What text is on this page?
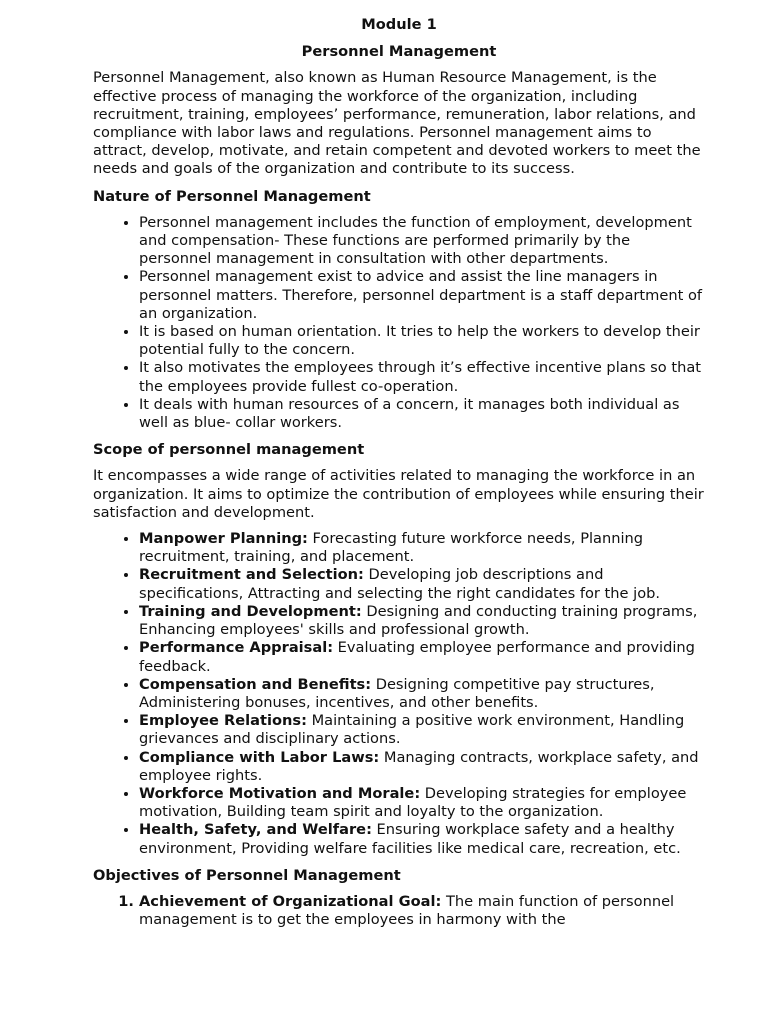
Module 1

Personnel Management

Personnel Management, also known as Human Resource Management, is the effective process of managing the workforce of the organization, including recruitment, training, employees’ performance, remuneration, labor relations, and compliance with labor laws and regulations. Personnel management aims to attract, develop, motivate, and retain competent and devoted workers to meet the needs and goals of the organization and contribute to its success.

Nature of Personnel Management
• Personnel management includes the function of employment, development and compensation- These functions are performed primarily by the personnel management in consultation with other departments.
• Personnel management exist to advice and assist the line managers in personnel matters. Therefore, personnel department is a staff department of an organization.
• It is based on human orientation. It tries to help the workers to develop their potential fully to the concern.
• It also motivates the employees through it’s effective incentive plans so that the employees provide fullest co-operation.
• It deals with human resources of a concern, it manages both individual as well as blue- collar workers.
Scope of personnel management

It encompasses a wide range of activities related to managing the workforce in an organization. It aims to optimize the contribution of employees while ensuring their satisfaction and development.

• Manpower Planning: Forecasting future workforce needs, Planning recruitment, training, and placement.
• Recruitment and Selection: Developing job descriptions and specifications, Attracting and selecting the right candidates for the job.
• Training and Development: Designing and conducting training programs, Enhancing employees' skills and professional growth.
• Performance Appraisal: Evaluating employee performance and providing feedback.
• Compensation and Benefits: Designing competitive pay structures, Administering bonuses, incentives, and other benefits.
• Employee Relations: Maintaining a positive work environment, Handling grievances and disciplinary actions.
• Compliance with Labor Laws: Managing contracts, workplace safety, and employee rights.
• Workforce Motivation and Morale: Developing strategies for employee motivation, Building team spirit and loyalty to the organization.
• Health, Safety, and Welfare: Ensuring workplace safety and a healthy environment, Providing welfare facilities like medical care, recreation, etc.
Objectives of Personnel Management
1. Achievement of Organizational Goal: The main function of personnel management is to get the employees in harmony with the
